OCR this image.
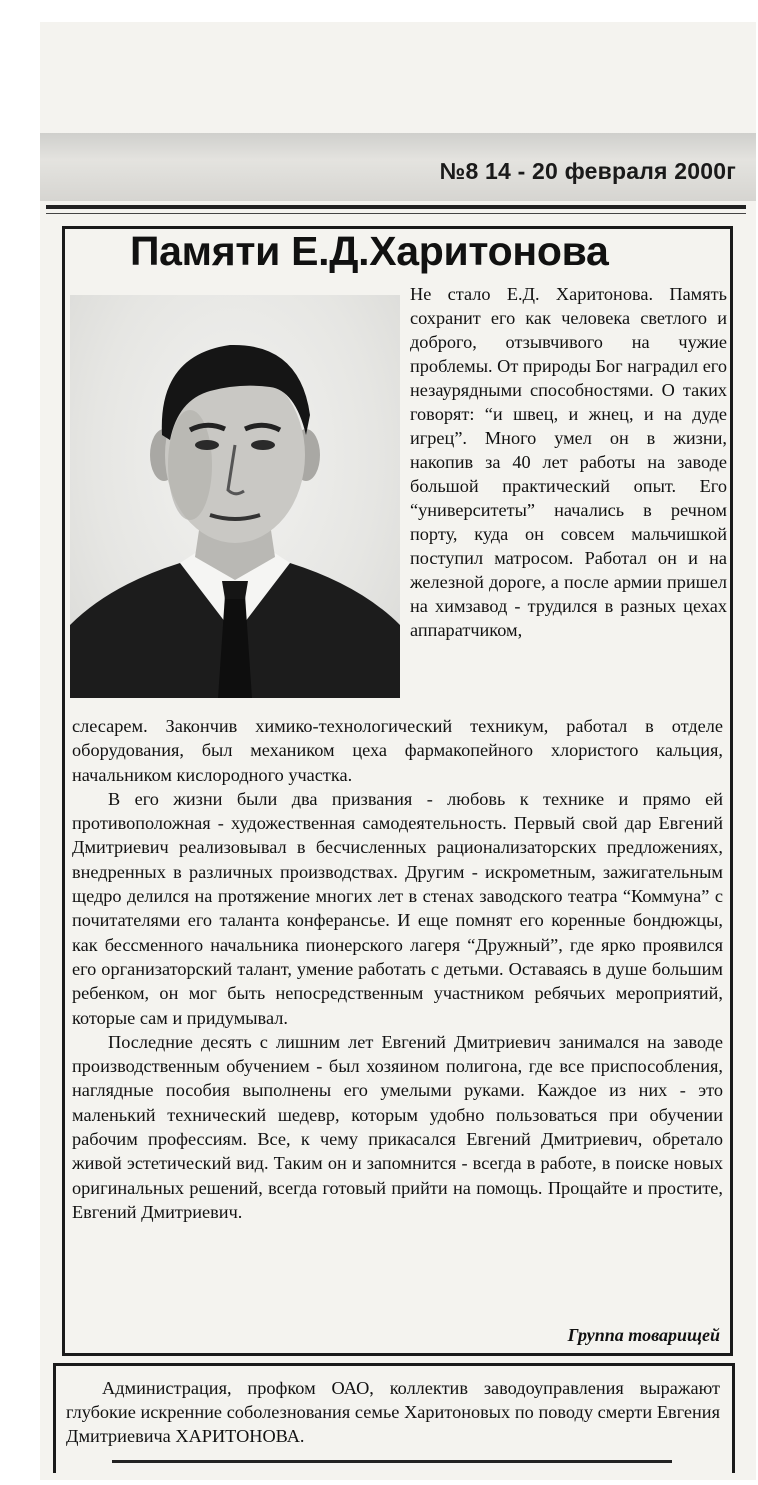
№8 14 - 20 февраля 2000г
Памяти Е.Д.Харитонова

Не стало Е.Д. Харитонова. Память сохранит его как человека светлого и доброго, отзывчивого на чужие проблемы. От природы Бог наградил его незаурядными способностями. О таких говорят: “и швец, и жнец, и на дуде игрец”. Много умел он в жизни, накопив за 40 лет работы на заводе большой практический опыт. Его “университеты” начались в речном порту, куда он совсем мальчишкой поступил матросом. Работал он и на железной дороге, а после армии пришел на химзавод - трудился в разных цехах аппаратчиком,

слесарем. Закончив химико-технологический техникум, работал в отделе оборудования, был механиком цеха фармакопейного хлористого кальция, начальником кислородного участка.

В его жизни были два призвания - любовь к технике и прямо ей противоположная - художественная самодеятельность. Первый свой дар Евгений Дмитриевич реализовывал в бесчисленных рационализаторских предложениях, внедренных в различных производствах. Другим - искрометным, зажигательным щедро делился на протяжение многих лет в стенах заводского театра “Коммуна” с почитателями его таланта конферансье. И еще помнят его коренные бондюжцы, как бессменного начальника пионерского лагеря “Дружный”, где ярко проявился его организаторский талант, умение работать с детьми. Оставаясь в душе большим ребенком, он мог быть непосредственным участником ребячьих мероприятий, которые сам и придумывал.

Последние десять с лишним лет Евгений Дмитриевич занимался на заводе производственным обучением - был хозяином полигона, где все приспособления, наглядные пособия выполнены его умелыми руками. Каждое из них - это маленький технический шедевр, которым удобно пользоваться при обучении рабочим профессиям. Все, к чему прикасался Евгений Дмитриевич, обретало живой эстетический вид. Таким он и запомнится - всегда в работе, в поиске новых оригинальных решений, всегда готовый прийти на помощь. Прощайте и простите, Евгений Дмитриевич.

Группа товарищей

Администрация, профком ОАО, коллектив заводоуправления выражают глубокие искренние соболезнования семье Харитоновых по поводу смерти Евгения Дмитриевича ХАРИТОНОВА.
